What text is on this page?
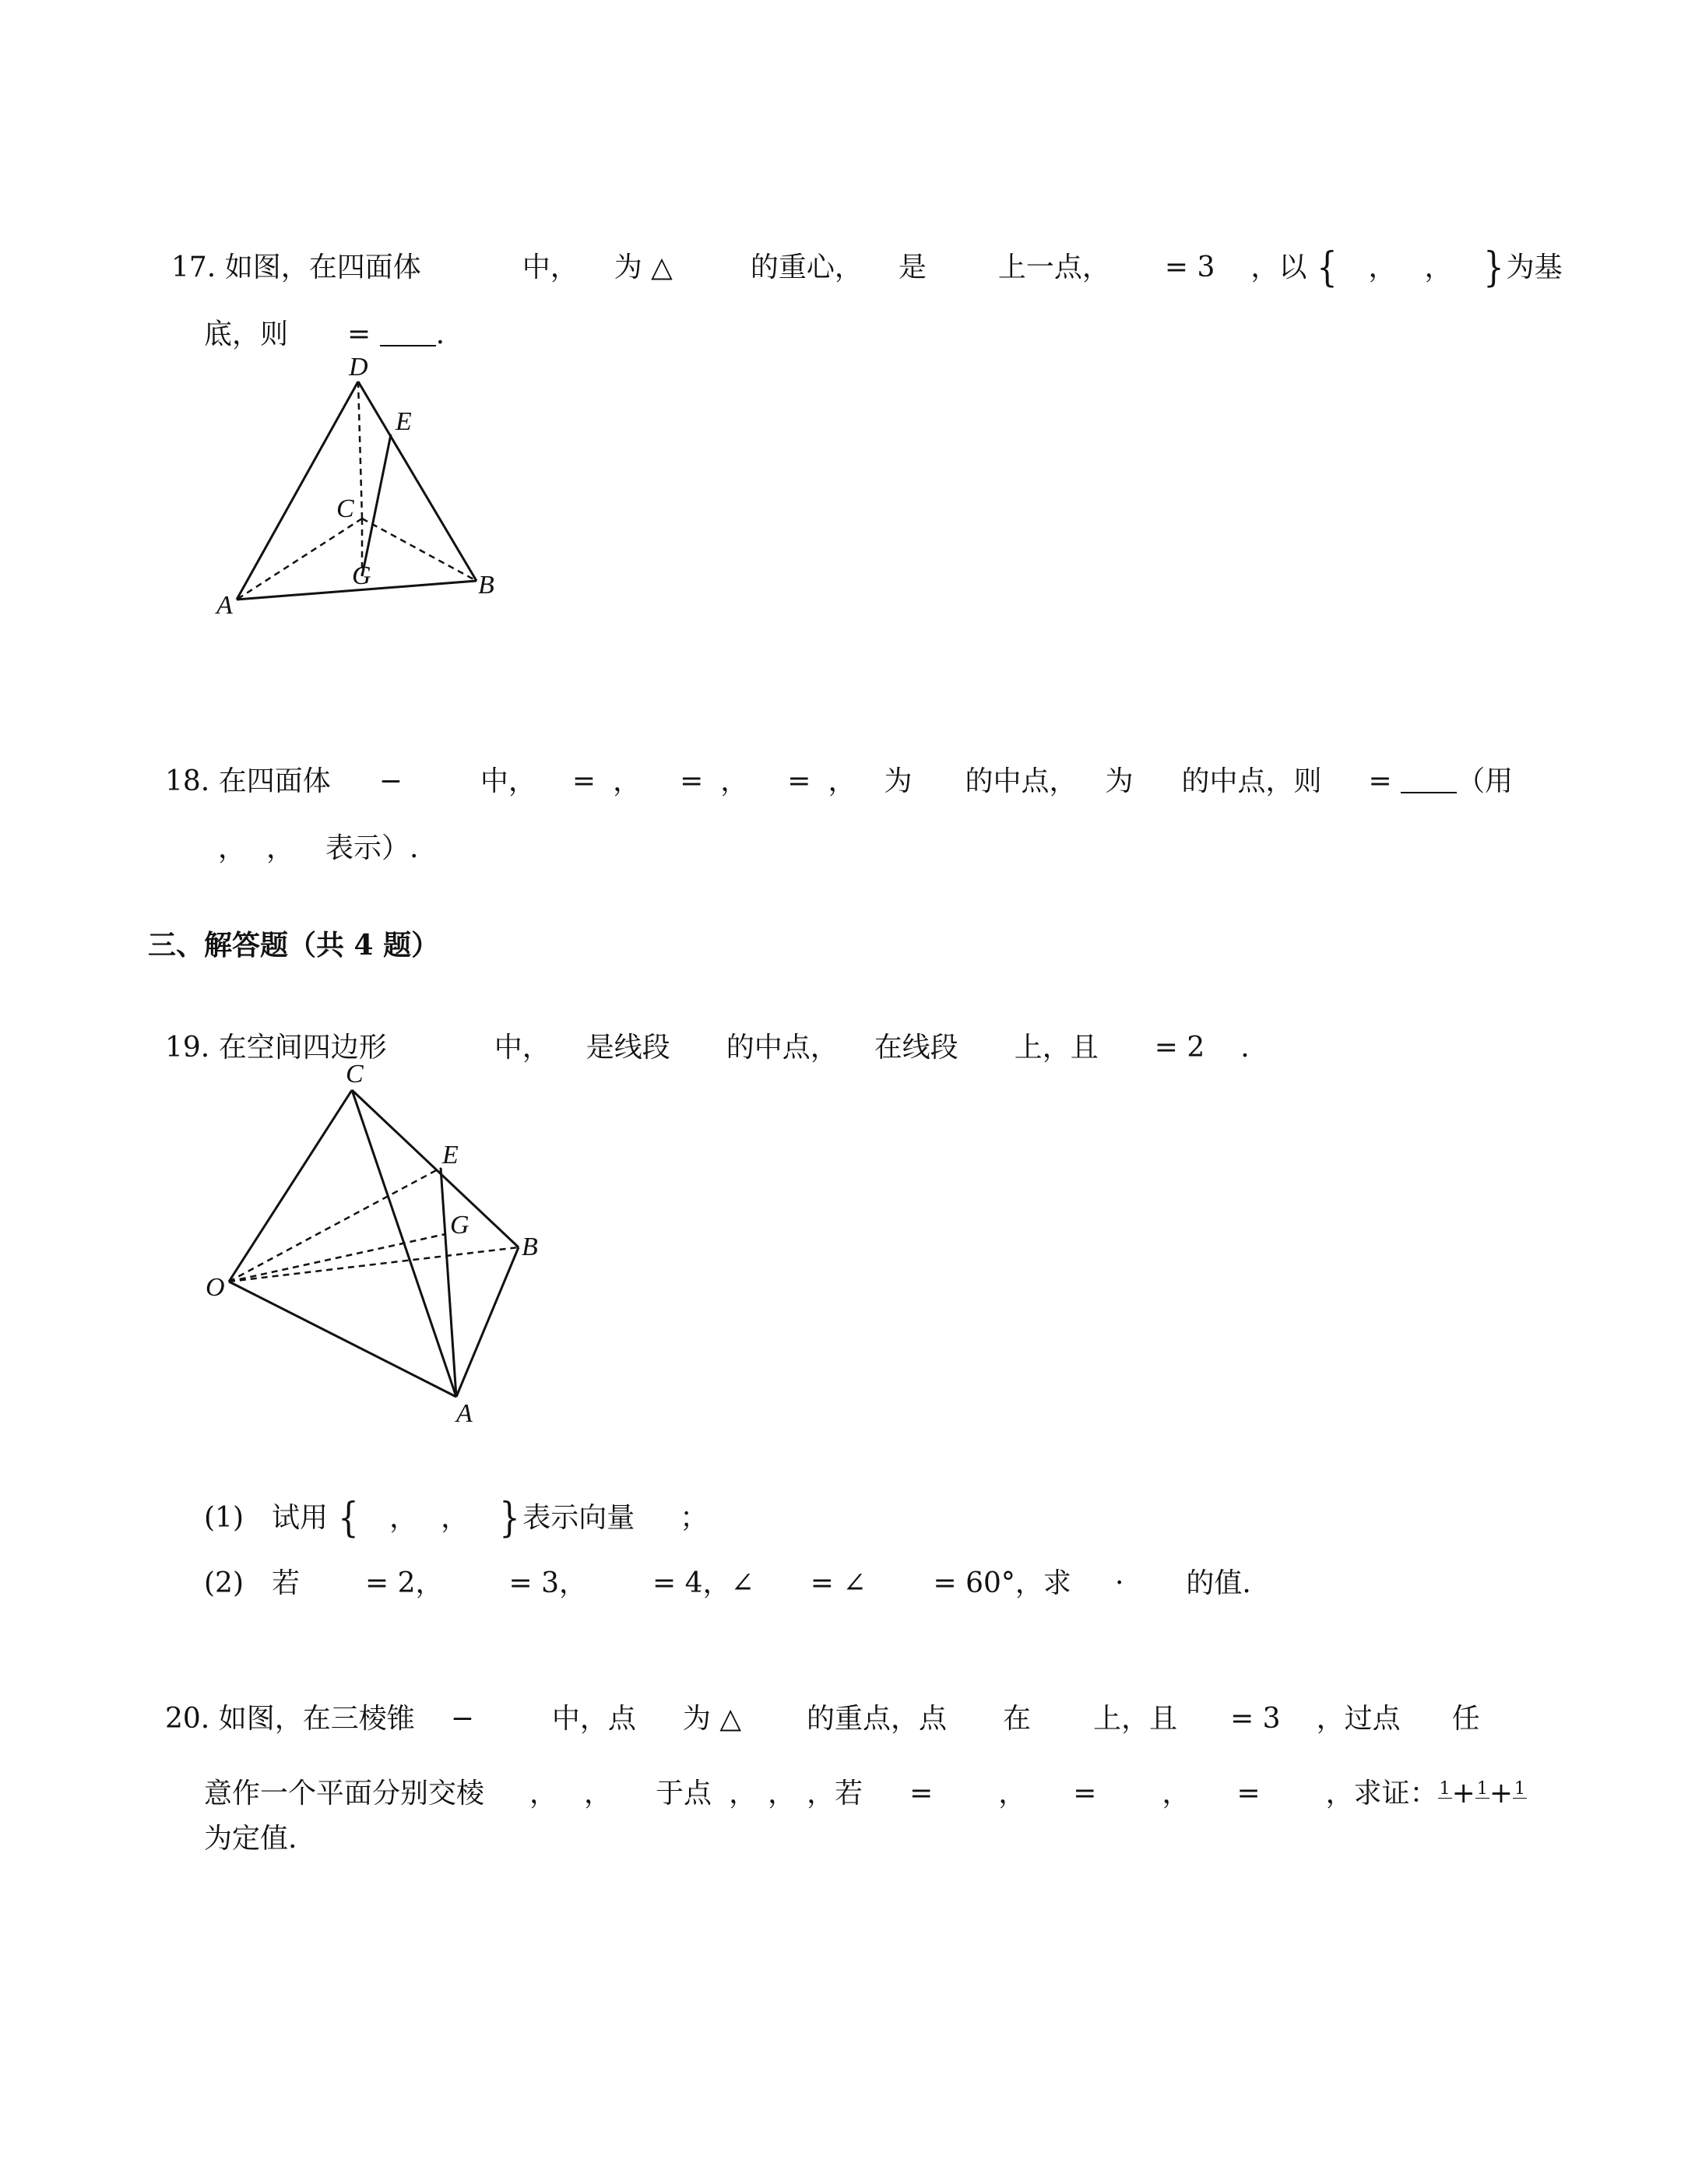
17. 如图，在四面体	中， 为 △	的重心， 是	上一点， = 3 ，以 { ， ， }为基

底，则 = .

D
E
C
G
A
B

18. 在四面体 −	中， = ， = ， = ， 为 的中点， 为 的中点，则 = （用

， ， 表示）.

三、解答题（共 4 题）

19. 在空间四边形	中， 是线段 的中点， 在线段 上，且 = 2 .

C
E
G
B
O
A

(1) 试用 { ， ， }表示向量 ；

(2) 若 = 2， = 3， = 4，∠ = ∠ = 60°，求 · 的值.

20. 如图，在三棱锥 −	中，点 为 △ 的重点，点 在 上，且 = 3 ，过点 任

意作一个平面分别交棱 ， ， 于点 ， ， ，若 = ， = ， = ，求证： 1 + 1 + 1

为定值.
